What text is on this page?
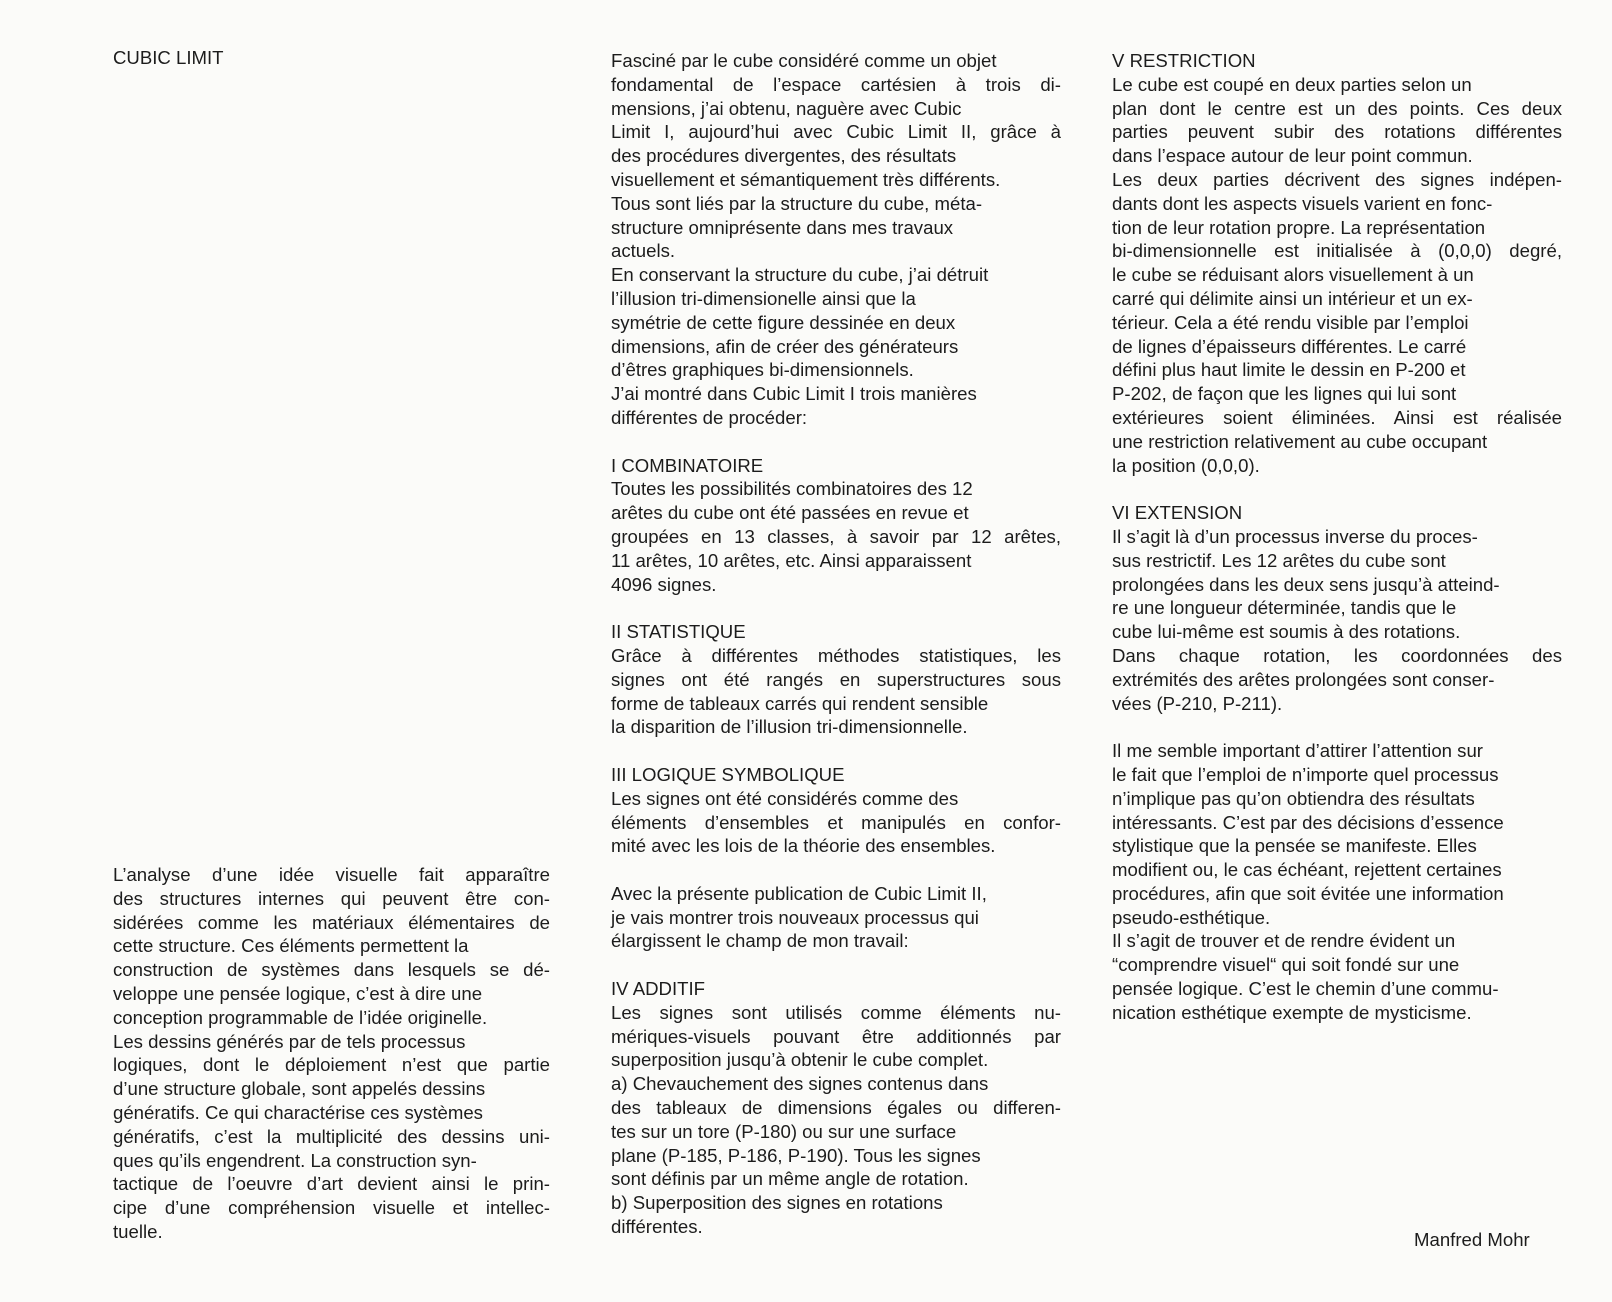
CUBIC LIMIT
L’analyse d’une idée visuelle fait apparaître
des structures internes qui peuvent être con-
sidérées comme les matériaux élémentaires de
cette structure. Ces éléments permettent la
construction de systèmes dans lesquels se dé-
veloppe une pensée logique, c’est à dire une
conception programmable de l’idée originelle.
Les dessins générés par de tels processus
logiques, dont le déploiement n’est que partie
d’une structure globale, sont appelés dessins
génératifs. Ce qui charactérise ces systèmes
génératifs, c’est la multiplicité des dessins uni-
ques qu’ils engendrent. La construction syn-
tactique de l’oeuvre d’art devient ainsi le prin-
cipe d’une compréhension visuelle et intellec-
tuelle.
Fasciné par le cube considéré comme un objet
fondamental de l’espace cartésien à trois di-
mensions, j’ai obtenu, naguère avec Cubic
Limit I, aujourd’hui avec Cubic Limit II, grâce à
des procédures divergentes, des résultats
visuellement et sémantiquement très différents.
Tous sont liés par la structure du cube, méta-
structure omniprésente dans mes travaux
actuels.
En conservant la structure du cube, j’ai détruit
l’illusion tri-dimensionelle ainsi que la
symétrie de cette figure dessinée en deux
dimensions, afin de créer des générateurs
d’êtres graphiques bi-dimensionnels.
J’ai montré dans Cubic Limit I trois manières
différentes de procéder:
I COMBINATOIRE
Toutes les possibilités combinatoires des 12
arêtes du cube ont été passées en revue et
groupées en 13 classes, à savoir par 12 arêtes,
11 arêtes, 10 arêtes, etc. Ainsi apparaissent
4096 signes.
II STATISTIQUE
Grâce à différentes méthodes statistiques, les
signes ont été rangés en superstructures sous
forme de tableaux carrés qui rendent sensible
la disparition de l’illusion tri-dimensionnelle.
III LOGIQUE SYMBOLIQUE
Les signes ont été considérés comme des
éléments d’ensembles et manipulés en confor-
mité avec les lois de la théorie des ensembles.
Avec la présente publication de Cubic Limit II,
je vais montrer trois nouveaux processus qui
élargissent le champ de mon travail:
IV ADDITIF
Les signes sont utilisés comme éléments nu-
mériques-visuels pouvant être additionnés par
superposition jusqu’à obtenir le cube complet.
a) Chevauchement des signes contenus dans
des tableaux de dimensions égales ou differen-
tes sur un tore (P-180) ou sur une surface
plane (P-185, P-186, P-190). Tous les signes
sont définis par un même angle de rotation.
b) Superposition des signes en rotations
différentes.
V RESTRICTION
Le cube est coupé en deux parties selon un
plan dont le centre est un des points. Ces deux
parties peuvent subir des rotations différentes
dans l’espace autour de leur point commun.
Les deux parties décrivent des signes indépen-
dants dont les aspects visuels varient en fonc-
tion de leur rotation propre. La représentation
bi-dimensionnelle est initialisée à (0,0,0) degré,
le cube se réduisant alors visuellement à un
carré qui délimite ainsi un intérieur et un ex-
térieur. Cela a été rendu visible par l’emploi
de lignes d’épaisseurs différentes. Le carré
défini plus haut limite le dessin en P-200 et
P-202, de façon que les lignes qui lui sont
extérieures soient éliminées. Ainsi est réalisée
une restriction relativement au cube occupant
la position (0,0,0).
VI EXTENSION
Il s’agit là d’un processus inverse du proces-
sus restrictif. Les 12 arêtes du cube sont
prolongées dans les deux sens jusqu’à atteind-
re une longueur déterminée, tandis que le
cube lui-même est soumis à des rotations.
Dans chaque rotation, les coordonnées des
extrémités des arêtes prolongées sont conser-
vées (P-210, P-211).
Il me semble important d’attirer l’attention sur
le fait que l’emploi de n’importe quel processus
n’implique pas qu’on obtiendra des résultats
intéressants. C’est par des décisions d’essence
stylistique que la pensée se manifeste. Elles
modifient ou, le cas échéant, rejettent certaines
procédures, afin que soit évitée une information
pseudo-esthétique.
Il s’agit de trouver et de rendre évident un
“comprendre visuel“ qui soit fondé sur une
pensée logique. C’est le chemin d’une commu-
nication esthétique exempte de mysticisme.
Manfred Mohr
